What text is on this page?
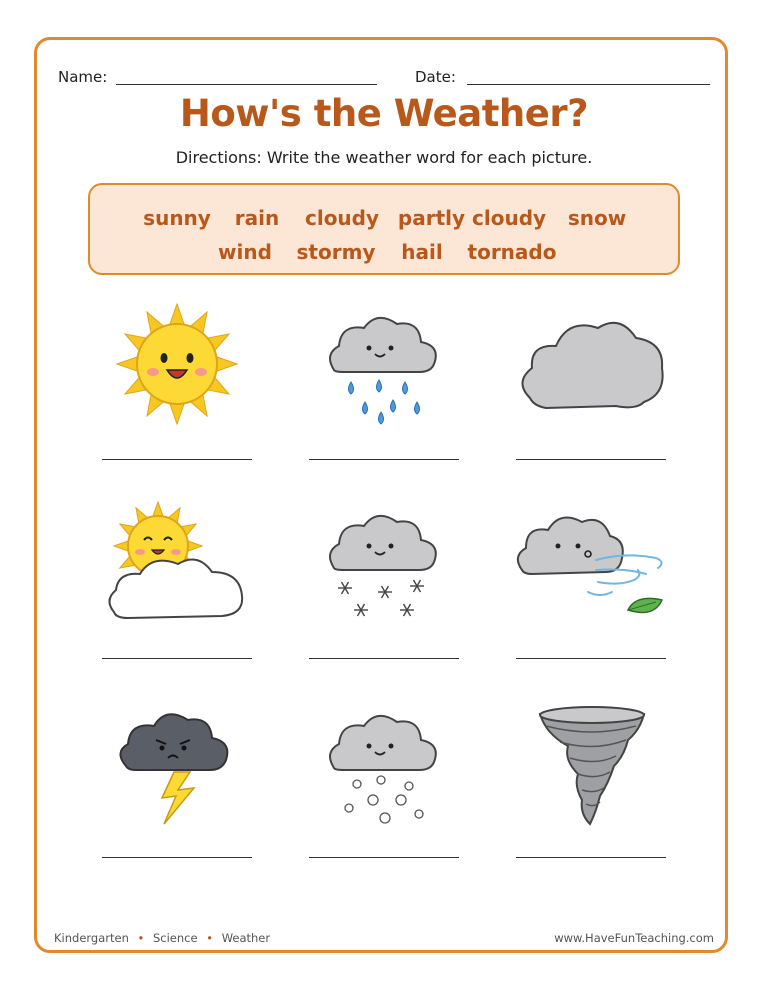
Name:	Date:
How's the Weather?
Directions: Write the weather word for each picture.
sunny rain cloudy partly cloudy snow
wind stormy hail tornado
Kindergarten • Science • Weather	www.HaveFunTeaching.com
